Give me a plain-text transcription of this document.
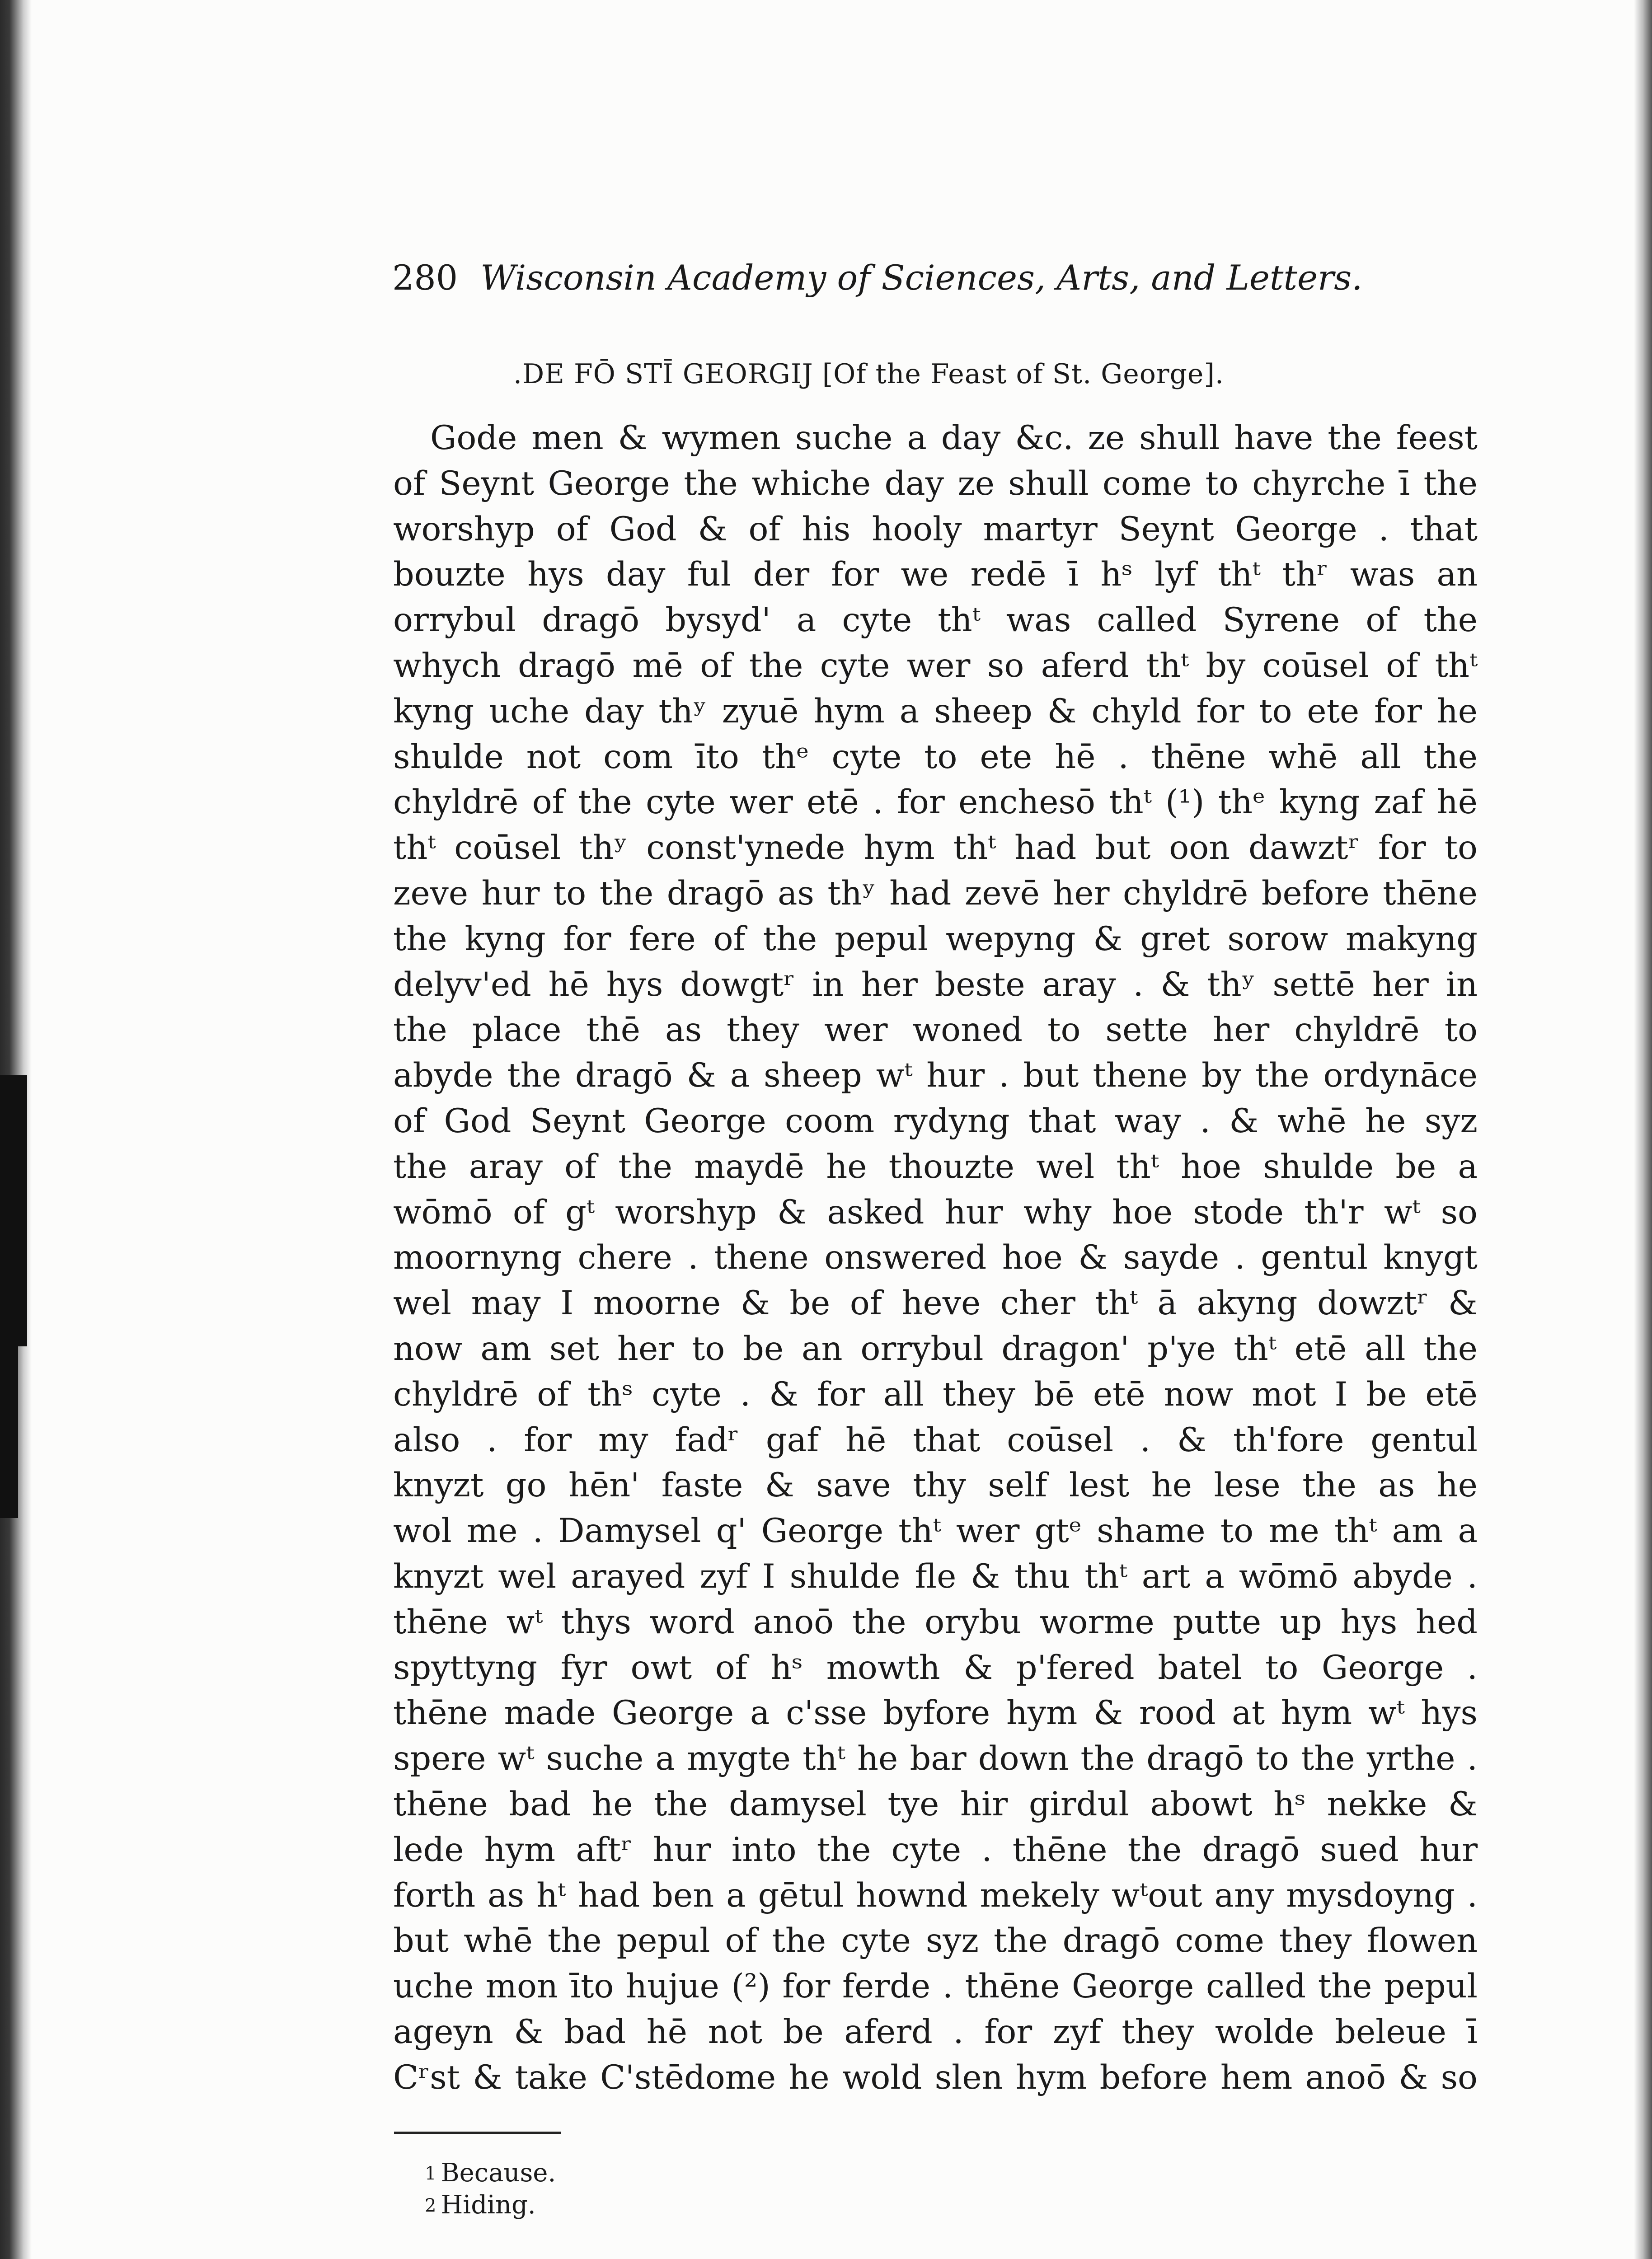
280 Wisconsin Academy of Sciences, Arts, and Letters.
.DE FŌ STĪ GEORGIJ [Of the Feast of St. George].
Gode men & wymen suche a day &c. ze shull have the feest
of Seynt George the whiche day ze shull come to chyrche ī the
worshyp of God & of his hooly martyr Seynt George . that
bouzte hys day ful der for we redē ī hˢ lyf thᵗ thʳ was an
orrybul dragō bysyd' a cyte thᵗ was called Syrene of the
whych dragō mē of the cyte wer so aferd thᵗ by coūsel of thᵗ
kyng uche day thʸ zyuē hym a sheep & chyld for to ete for he
shulde not com īto thᵉ cyte to ete hē . thēne whē all the
chyldrē of the cyte wer etē . for enchesō thᵗ (¹) thᵉ kyng zaf hē
thᵗ coūsel thʸ const'ynede hym thᵗ had but oon dawztʳ for to
zeve hur to the dragō as thʸ had zevē her chyldrē before thēne
the kyng for fere of the pepul wepyng & gret sorow makyng
delyv'ed hē hys dowgtʳ in her beste aray . & thʸ settē her in
the place thē as they wer woned to sette her chyldrē to
abyde the dragō & a sheep wᵗ hur . but thene by the ordynāce
of God Seynt George coom rydyng that way . & whē he syz
the aray of the maydē he thouzte wel thᵗ hoe shulde be a
wōmō of gᵗ worshyp & asked hur why hoe stode th'r wᵗ so
moornyng chere . thene onswered hoe & sayde . gentul knygt
wel may I moorne & be of heve cher thᵗ ā akyng dowztʳ &
now am set her to be an orrybul dragon' p'ye thᵗ etē all the
chyldrē of thˢ cyte . & for all they bē etē now mot I be etē
also . for my fadʳ gaf hē that coūsel . & th'fore gentul
knyzt go hēn' faste & save thy self lest he lese the as he
wol me . Damysel q' George thᵗ wer gtᵉ shame to me thᵗ am a
knyzt wel arayed zyf I shulde fle & thu thᵗ art a wōmō abyde .
thēne wᵗ thys word anoō the orybu worme putte up hys hed
spyttyng fyr owt of hˢ mowth & p'fered batel to George .
thēne made George a c'sse byfore hym & rood at hym wᵗ hys
spere wᵗ suche a mygte thᵗ he bar down the dragō to the yrthe .
thēne bad he the damysel tye hir girdul abowt hˢ nekke &
lede hym aftʳ hur into the cyte . thēne the dragō sued hur
forth as hᵗ had ben a gētul hownd mekely wᵗout any mysdoyng .
but whē the pepul of the cyte syz the dragō come they flowen
uche mon īto hujue (²) for ferde . thēne George called the pepul
ageyn & bad hē not be aferd . for zyf they wolde beleue ī
Cʳst & take C'stēdome he wold slen hym before hem anoō & so
1 Because.
2 Hiding.
